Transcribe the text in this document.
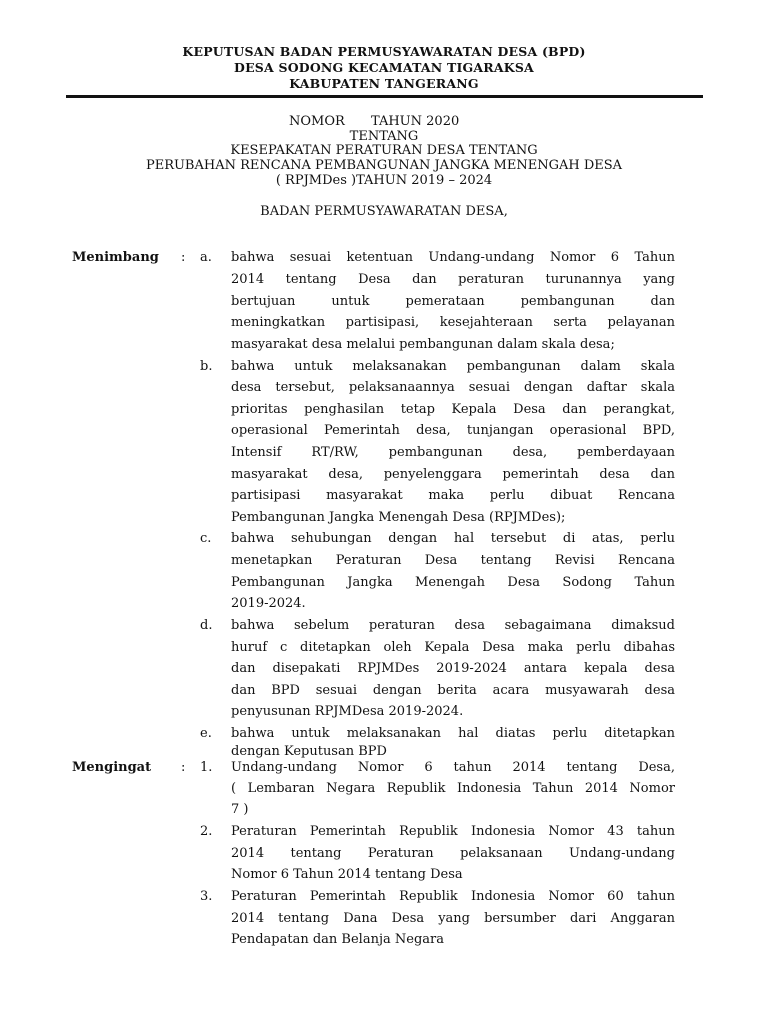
KEPUTUSAN BADAN PERMUSYAWARATAN DESA (BPD)
DESA SODONG KECAMATAN TIGARAKSA
KABUPATEN TANGERANG
NOMOR TAHUN 2020
TENTANG
KESEPAKATAN PERATURAN DESA TENTANG
PERUBAHAN RENCANA PEMBANGUNAN JANGKA MENENGAH DESA
( RPJMDes )TAHUN 2019 – 2024
BADAN PERMUSYAWARATAN DESA,
Menimbang : a. bahwa sesuai ketentuan Undang-undang Nomor 6 Tahun
2014 tentang Desa dan peraturan turunannya yang
bertujuan untuk pemerataan pembangunan dan
meningkatkan partisipasi, kesejahteraan serta pelayanan
masyarakat desa melalui pembangunan dalam skala desa;
b. bahwa untuk melaksanakan pembangunan dalam skala
desa tersebut, pelaksanaannya sesuai dengan daftar skala
prioritas penghasilan tetap Kepala Desa dan perangkat,
operasional Pemerintah desa, tunjangan operasional BPD,
Intensif RT/RW, pembangunan desa, pemberdayaan
masyarakat desa, penyelenggara pemerintah desa dan
partisipasi masyarakat maka perlu dibuat Rencana
Pembangunan Jangka Menengah Desa (RPJMDes);
c. bahwa sehubungan dengan hal tersebut di atas, perlu
menetapkan Peraturan Desa tentang Revisi Rencana
Pembangunan Jangka Menengah Desa Sodong Tahun
2019-2024.
d. bahwa sebelum peraturan desa sebagaimana dimaksud
huruf c ditetapkan oleh Kepala Desa maka perlu dibahas
dan disepakati RPJMDes 2019-2024 antara kepala desa
dan BPD sesuai dengan berita acara musyawarah desa
penyusunan RPJMDesa 2019-2024.
e. bahwa untuk melaksanakan hal diatas perlu ditetapkan
dengan Keputusan BPD
Mengingat : 1. Undang-undang Nomor 6 tahun 2014 tentang Desa,
( Lembaran Negara Republik Indonesia Tahun 2014 Nomor
7 )
2. Peraturan Pemerintah Republik Indonesia Nomor 43 tahun
2014 tentang Peraturan pelaksanaan Undang-undang
Nomor 6 Tahun 2014 tentang Desa
3. Peraturan Pemerintah Republik Indonesia Nomor 60 tahun
2014 tentang Dana Desa yang bersumber dari Anggaran
Pendapatan dan Belanja Negara
